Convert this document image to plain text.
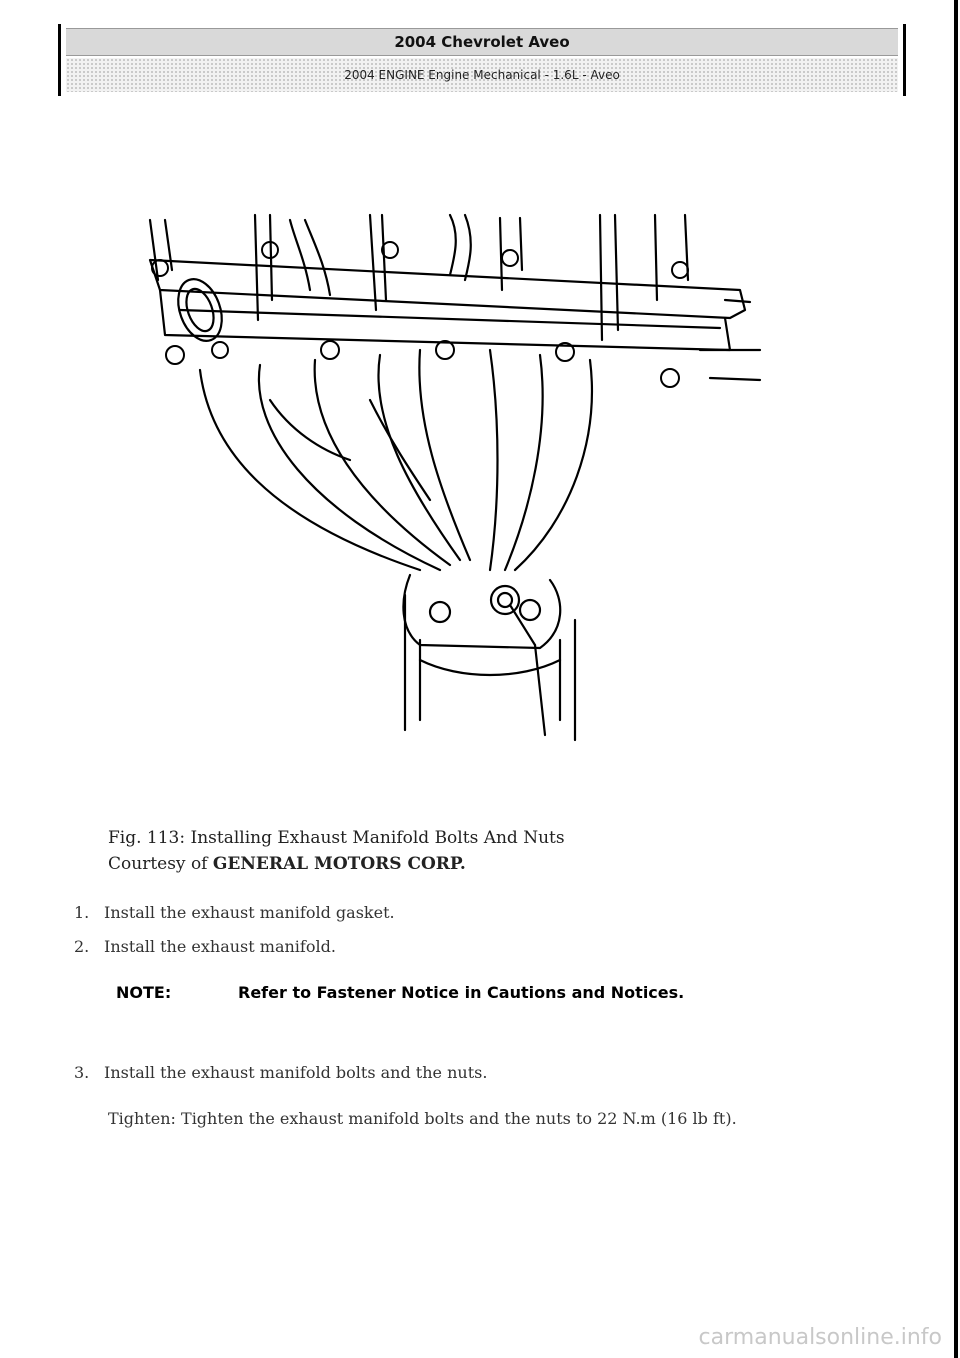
2004 Chevrolet Aveo
2004 ENGINE Engine Mechanical - 1.6L - Aveo
Fig. 113: Installing Exhaust Manifold Bolts And Nuts
Courtesy of GENERAL MOTORS CORP.
1. Install the exhaust manifold gasket.
2. Install the exhaust manifold.
NOTE:	Refer to Fastener Notice in Cautions and Notices.
3. Install the exhaust manifold bolts and the nuts.
Tighten: Tighten the exhaust manifold bolts and the nuts to 22 N.m (16 lb ft).
carmanualsonline.info
